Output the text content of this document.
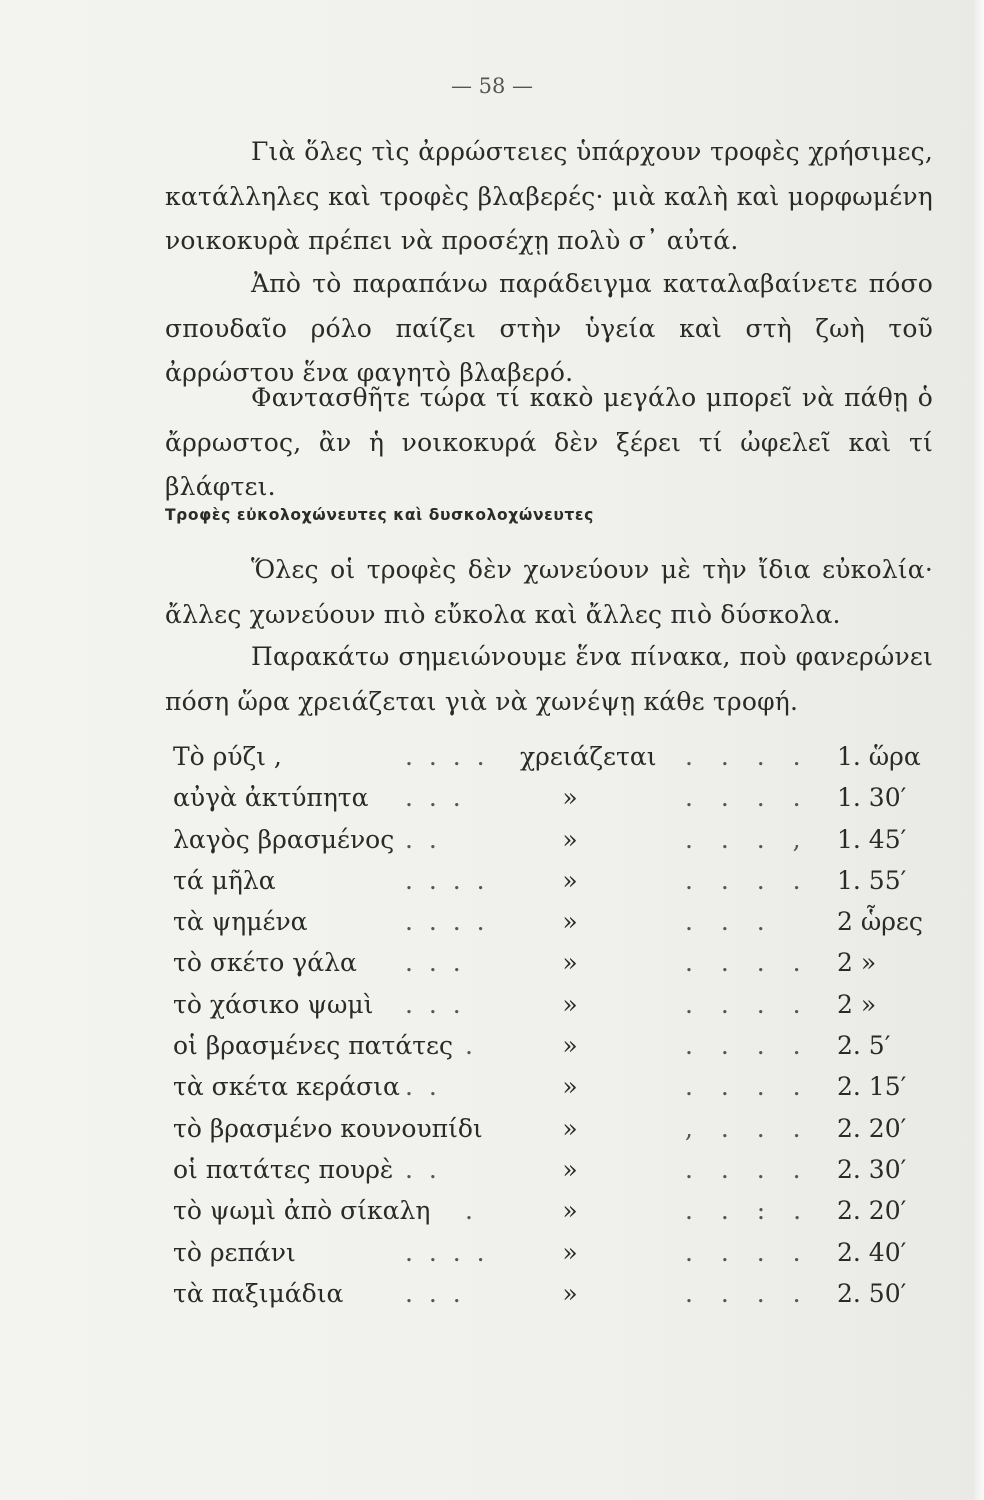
— 58 —

Γιὰ ὅλες τὶς ἀρρώστειες ὑπάρχουν τροφὲς χρήσιμες, κατάλληλες καὶ τροφὲς βλαβερές· μιὰ καλὴ καὶ μορφωμένη νοικοκυρὰ πρέπει νὰ προσέχῃ πολὺ σ᾽ αὐτά.

Ἀπὸ τὸ παραπάνω παράδειγμα καταλαβαίνετε πόσο σπουδαῖο ρόλο παίζει στὴν ὑγεία καὶ στὴ ζωὴ τοῦ ἀρρώστου ἕνα φαγητὸ βλαβερό.

Φαντασθῆτε τώρα τί κακὸ μεγάλο μπορεῖ νὰ πάθῃ ὁ ἄρρωστος, ἂν ἡ νοικοκυρά δὲν ξέρει τί ὠφελεῖ καὶ τί βλάφτει.

Τροφὲς εὐκολοχώνευτες καὶ δυσκολοχώνευτες

Ὅλες οἱ τροφὲς δὲν χωνεύουν μὲ τὴν ἴδια εὐκολία· ἄλλες χωνεύουν πιὸ εὔκολα καὶ ἄλλες πιὸ δύσκολα.

Παρακάτω σημειώνουμε ἕνα πίνακα, ποὺ φανερώνει πόση ὥρα χρειάζεται γιὰ νὰ χωνέψῃ κάθε τροφή.

Τὸ ρύζι ,	. . . . χρειάζεται . . . . 1. ὥρα
αὐγὰ ἀκτύπητα . . .	»	. . . . 1. 30′
λαγὸς βρασμένος . .	»	. . . , 1. 45′
τά μῆλα	. . . .	»	. . . . 1. 55′
τὰ ψημένα	. . . .	»	. . . 2 ὧρες
τὸ σκέτο γάλα . . .	»	. . . . 2 »
τὸ χάσικο ψωμὶ . . .	»	. . . . 2 »
οἱ βρασμένες πατάτες .	»	. . . . 2. 5′
τὰ σκέτα κεράσια . .	»	. . . . 2. 15′
τὸ βρασμένο κουνουπίδι	»	, . . . 2. 20′
οἱ πατάτες πουρὲ . .	»	. . . . 2. 30′
τὸ ψωμὶ ἀπὸ σίκαλη .	»	. . : . 2. 20′
τὸ ρεπάνι	. . . .	»	. . . . 2. 40′
τὰ παξιμάδια . . .	»	. . . . 2. 50′
